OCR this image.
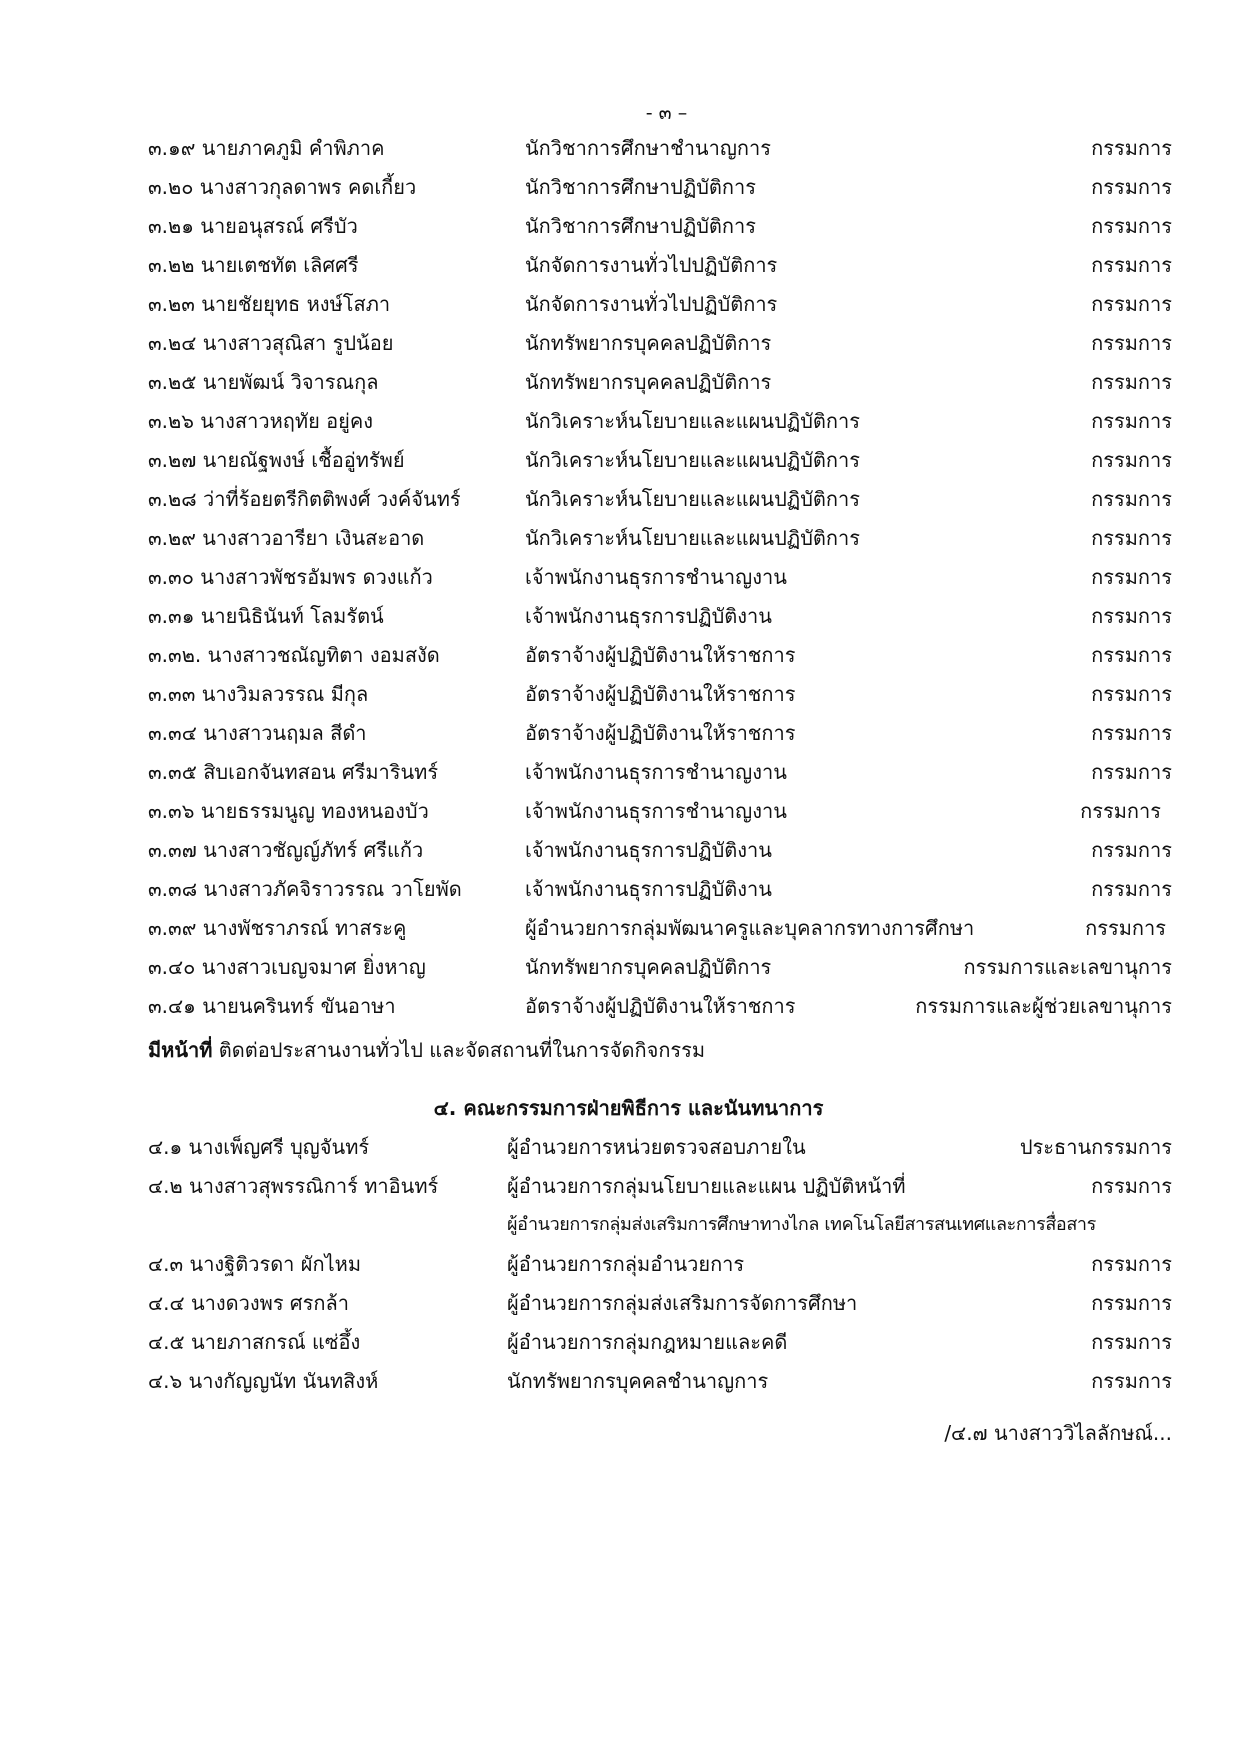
- ๓ –
๓.๑๙ นายภาคภูมิ คำพิภาค	นักวิชาการศึกษาชำนาญการ	กรรมการ
๓.๒๐ นางสาวกุลดาพร คดเกี้ยว	นักวิชาการศึกษาปฏิบัติการ	กรรมการ
๓.๒๑ นายอนุสรณ์ ศรีบัว	นักวิชาการศึกษาปฏิบัติการ	กรรมการ
๓.๒๒ นายเตชทัต เลิศศรี	นักจัดการงานทั่วไปปฏิบัติการ	กรรมการ
๓.๒๓ นายชัยยุทธ หงษ์โสภา	นักจัดการงานทั่วไปปฏิบัติการ	กรรมการ
๓.๒๔ นางสาวสุณิสา รูปน้อย	นักทรัพยากรบุคคลปฏิบัติการ	กรรมการ
๓.๒๕ นายพัฒน์ วิจารณกุล	นักทรัพยากรบุคคลปฏิบัติการ	กรรมการ
๓.๒๖ นางสาวหฤทัย อยู่คง	นักวิเคราะห์นโยบายและแผนปฏิบัติการ	กรรมการ
๓.๒๗ นายณัฐพงษ์ เชื้ออู่ทรัพย์	นักวิเคราะห์นโยบายและแผนปฏิบัติการ	กรรมการ
๓.๒๘ ว่าที่ร้อยตรีกิตติพงศ์ วงค์จันทร์	นักวิเคราะห์นโยบายและแผนปฏิบัติการ	กรรมการ
๓.๒๙ นางสาวอารียา เงินสะอาด	นักวิเคราะห์นโยบายและแผนปฏิบัติการ	กรรมการ
๓.๓๐ นางสาวพัชรอัมพร ดวงแก้ว	เจ้าพนักงานธุรการชำนาญงาน	กรรมการ
๓.๓๑ นายนิธินันท์ โลมรัตน์	เจ้าพนักงานธุรการปฏิบัติงาน	กรรมการ
๓.๓๒. นางสาวชณัญทิตา งอมสงัด	อัตราจ้างผู้ปฏิบัติงานให้ราชการ	กรรมการ
๓.๓๓ นางวิมลวรรณ มีกุล	อัตราจ้างผู้ปฏิบัติงานให้ราชการ	กรรมการ
๓.๓๔ นางสาวนฤมล สีดำ	อัตราจ้างผู้ปฏิบัติงานให้ราชการ	กรรมการ
๓.๓๕ สิบเอกจันทสอน ศรีมารินทร์	เจ้าพนักงานธุรการชำนาญงาน	กรรมการ
๓.๓๖ นายธรรมนูญ ทองหนองบัว	เจ้าพนักงานธุรการชำนาญงาน	กรรมการ
๓.๓๗ นางสาวชัญญ์ภัทร์ ศรีแก้ว	เจ้าพนักงานธุรการปฏิบัติงาน	กรรมการ
๓.๓๘ นางสาวภัคจิราวรรณ วาโยพัด	เจ้าพนักงานธุรการปฏิบัติงาน	กรรมการ
๓.๓๙ นางพัชราภรณ์ ทาสระคู	ผู้อำนวยการกลุ่มพัฒนาครูและบุคลากรทางการศึกษา	กรรมการ
๓.๔๐ นางสาวเบญจมาศ ยิ่งหาญ	นักทรัพยากรบุคคลปฏิบัติการ	กรรมการและเลขานุการ
๓.๔๑ นายนครินทร์ ขันอาษา	อัตราจ้างผู้ปฏิบัติงานให้ราชการ	กรรมการและผู้ช่วยเลขานุการ
มีหน้าที่ ติดต่อประสานงานทั่วไป และจัดสถานที่ในการจัดกิจกรรม
๔. คณะกรรมการฝ่ายพิธีการ และนันทนาการ
๔.๑ นางเพ็ญศรี บุญจันทร์	ผู้อำนวยการหน่วยตรวจสอบภายใน	ประธานกรรมการ
๔.๒ นางสาวสุพรรณิการ์ ทาอินทร์	ผู้อำนวยการกลุ่มนโยบายและแผน ปฏิบัติหน้าที่	กรรมการ
ผู้อำนวยการกลุ่มส่งเสริมการศึกษาทางไกล เทคโนโลยีสารสนเทศและการสื่อสาร
๔.๓ นางฐิติวรดา ผักไหม	ผู้อำนวยการกลุ่มอำนวยการ	กรรมการ
๔.๔ นางดวงพร ศรกล้า	ผู้อำนวยการกลุ่มส่งเสริมการจัดการศึกษา	กรรมการ
๔.๕ นายภาสกรณ์ แซ่อึ้ง	ผู้อำนวยการกลุ่มกฎหมายและคดี	กรรมการ
๔.๖ นางกัญญนัท นันทสิงห์	นักทรัพยากรบุคคลชำนาญการ	กรรมการ
/๔.๗ นางสาววิไลลักษณ์...
